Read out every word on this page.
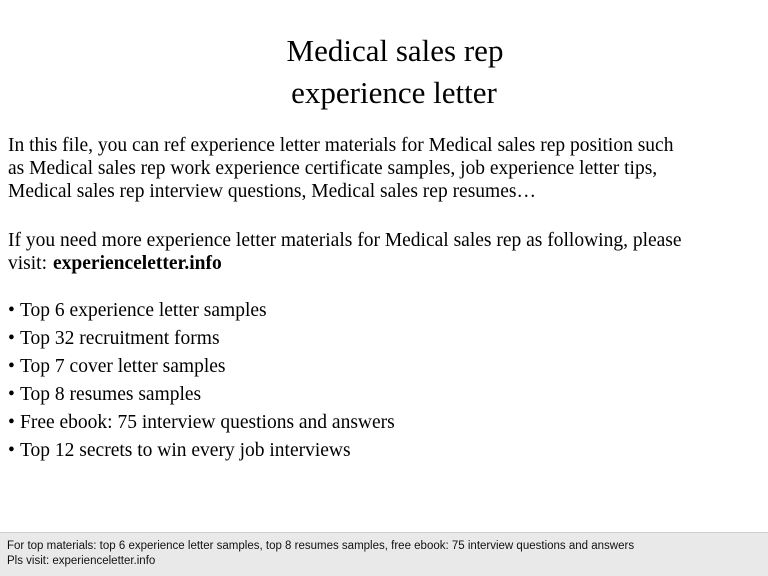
Medical sales rep
experience letter
In this file, you can ref experience letter materials for Medical sales rep position such
as Medical sales rep work experience certificate samples, job experience letter tips,
Medical sales rep interview questions, Medical sales rep resumes…
If you need more experience letter materials for Medical sales rep as following, please
visit: experienceletter.info
• Top 6 experience letter samples
• Top 32 recruitment forms
• Top 7 cover letter samples
• Top 8 resumes samples
• Free ebook: 75 interview questions and answers
• Top 12 secrets to win every job interviews
For top materials: top 6 experience letter samples, top 8 resumes samples, free ebook: 75 interview questions and answers
Pls visit: experienceletter.info
